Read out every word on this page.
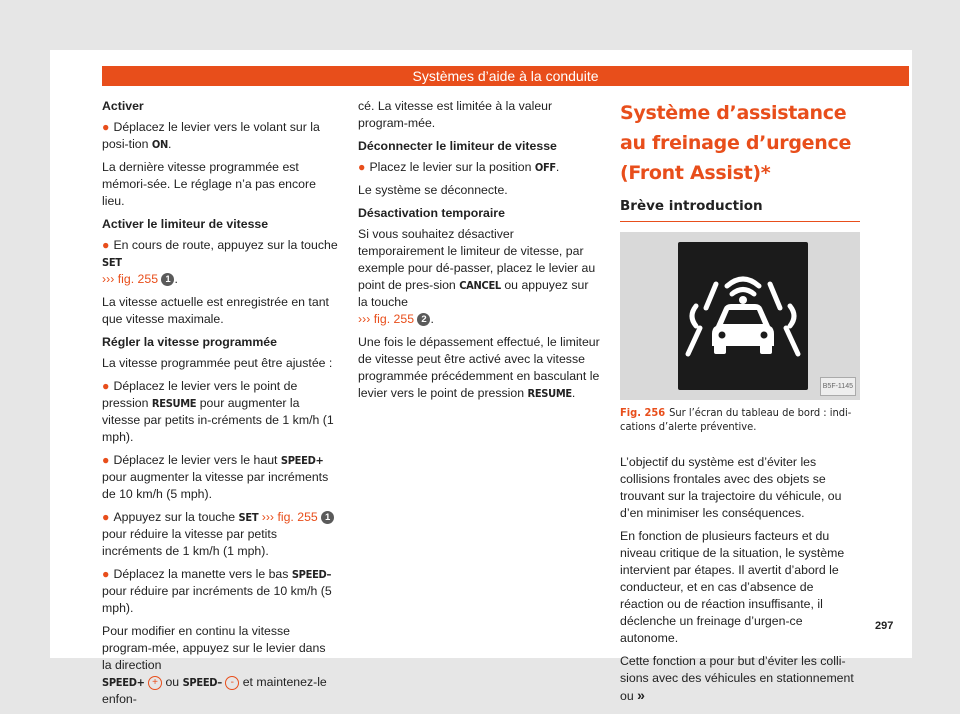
Systèmes d’aide à la conduite

Activer

● Déplacez le levier vers le volant sur la posi-tion ON.

La dernière vitesse programmée est mémori-sée. Le réglage n’a pas encore lieu.

Activer le limiteur de vitesse

● En cours de route, appuyez sur la touche SET
››› fig. 255 1 .

La vitesse actuelle est enregistrée en tant que vitesse maximale.

Régler la vitesse programmée

La vitesse programmée peut être ajustée :

● Déplacez le levier vers le point de pression RESUME pour augmenter la vitesse par petits in-créments de 1 km/h (1 mph).

● Déplacez le levier vers le haut SPEED+ pour augmenter la vitesse par incréments de 10 km/h (5 mph).

● Appuyez sur la touche SET ››› fig. 255 1 pour réduire la vitesse par petits incréments de 1 km/h (1 mph).

● Déplacez la manette vers le bas SPEED– pour réduire par incréments de 10 km/h (5 mph).

Pour modifier en continu la vitesse program-mée, appuyez sur le levier dans la direction
SPEED+ + ou SPEED– - et maintenez-le enfon-

cé. La vitesse est limitée à la valeur program-mée.

Déconnecter le limiteur de vitesse

● Placez le levier sur la position OFF.

Le système se déconnecte.

Désactivation temporaire

Si vous souhaitez désactiver temporairement le limiteur de vitesse, par exemple pour dé-passer, placez le levier au point de pres-sion CANCEL ou appuyez sur la touche
››› fig. 255 2 .

Une fois le dépassement effectué, le limiteur de vitesse peut être activé avec la vitesse programmée précédemment en basculant le levier vers le point de pression RESUME.

Système d’assistance au freinage d’urgence (Front Assist)*

Brève introduction

B5F-1145

Fig. 256 Sur l’écran du tableau de bord : indi-cations d’alerte préventive.

L’objectif du système est d’éviter les collisions frontales avec des objets se trouvant sur la trajectoire du véhicule, ou d’en minimiser les conséquences.

En fonction de plusieurs facteurs et du niveau critique de la situation, le système intervient par étapes. Il avertit d’abord le conducteur, et en cas d’absence de réaction ou de réaction insuffisante, il déclenche un freinage d’urgen-ce autonome.

Cette fonction a pour but d’éviter les colli-sions avec des véhicules en stationnement ou »

297
